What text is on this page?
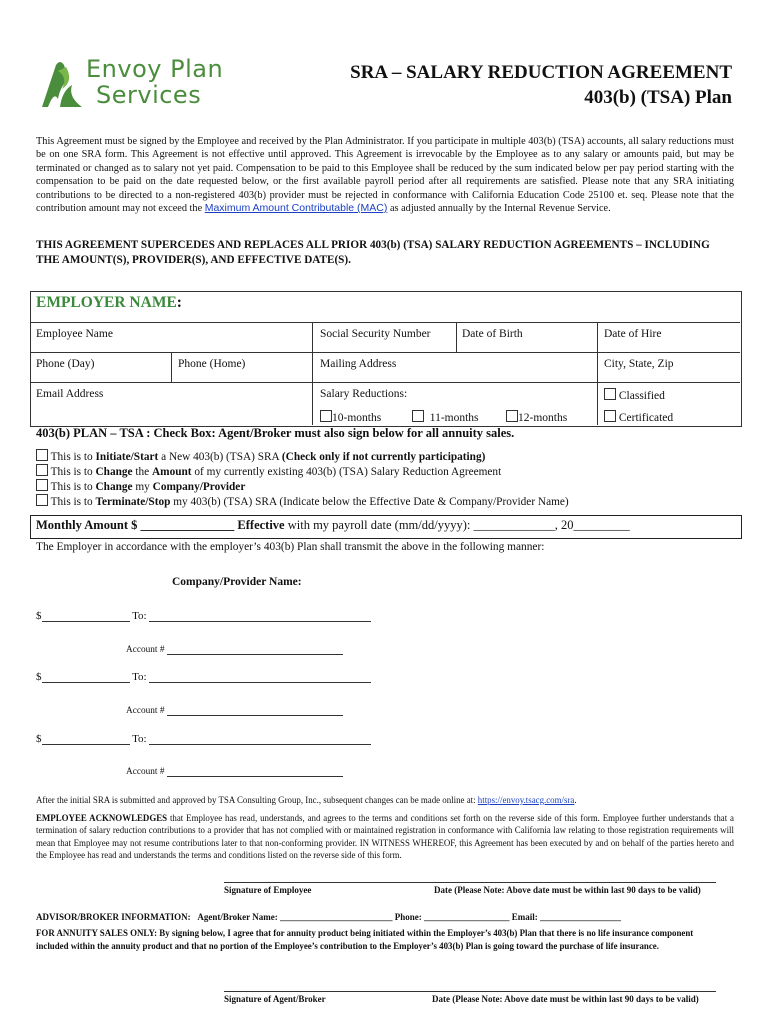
Envoy Plan
Services
SRA – SALARY REDUCTION AGREEMENT
403(b) (TSA) Plan
This Agreement must be signed by the Employee and received by the Plan Administrator. If you participate in multiple 403(b) (TSA) accounts, all salary reductions must be on one SRA form. This Agreement is not effective until approved. This Agreement is irrevocable by the Employee as to any salary or amounts paid, but may be terminated or changed as to salary not yet paid. Compensation to be paid to this Employee shall be reduced by the sum indicated below per pay period starting with the compensation to be paid on the date requested below, or the first available payroll period after all requirements are satisfied. Please note that any SRA initiating contributions to be directed to a non-registered 403(b) provider must be rejected in conformance with California Education Code 25100 et. seq. Please note that the contribution amount may not exceed the Maximum Amount Contributable (MAC) as adjusted annually by the Internal Revenue Service.
THIS AGREEMENT SUPERCEDES AND REPLACES ALL PRIOR 403(b) (TSA) SALARY REDUCTION AGREEMENTS – INCLUDING THE AMOUNT(S), PROVIDER(S), AND EFFECTIVE DATE(S).
EMPLOYER NAME:
Employee Name	Social Security Number	Date of Birth	Date of Hire
Phone (Day)	Phone (Home)	Mailing Address	City, State, Zip
Email Address	Salary Reductions:
10-months	11-months	12-months
Classified
Certificated
403(b) PLAN – TSA : Check Box: Agent/Broker must also sign below for all annuity sales.
This is to Initiate/Start a New 403(b) (TSA) SRA (Check only if not currently participating)
This is to Change the Amount of my currently existing 403(b) (TSA) Salary Reduction Agreement
This is to Change my Company/Provider
This is to Terminate/Stop my 403(b) (TSA) SRA (Indicate below the Effective Date & Company/Provider Name)
Monthly Amount $ _______________ Effective with my payroll date (mm/dd/yyyy): _____________, 20_________
The Employer in accordance with the employer’s 403(b) Plan shall transmit the above in the following manner:
Company/Provider Name:
$	To:
Account #
$	To:
Account #
$	To:
Account #
After the initial SRA is submitted and approved by TSA Consulting Group, Inc., subsequent changes can be made online at: https://envoy.tsacg.com/sra.
EMPLOYEE ACKNOWLEDGES that Employee has read, understands, and agrees to the terms and conditions set forth on the reverse side of this form. Employee further understands that a termination of salary reduction contributions to a provider that has not complied with or maintained registration in conformance with California law relating to those registration requirements will mean that Employee may not resume contributions later to that non-conforming provider. IN WITNESS WHEREOF, this Agreement has been executed by and on behalf of the parties hereto and the Employee has read and understands the terms and conditions listed on the reverse side of this form.
Signature of Employee	Date (Please Note: Above date must be within last 90 days to be valid)
ADVISOR/BROKER INFORMATION: Agent/Broker Name: _________________________ Phone: ___________________ Email: __________________
FOR ANNUITY SALES ONLY: By signing below, I agree that for annuity product being initiated within the Employer’s 403(b) Plan that there is no life insurance component included within the annuity product and that no portion of the Employee’s contribution to the Employer’s 403(b) Plan is going toward the purchase of life insurance.
Signature of Agent/Broker	Date (Please Note: Above date must be within last 90 days to be valid)
